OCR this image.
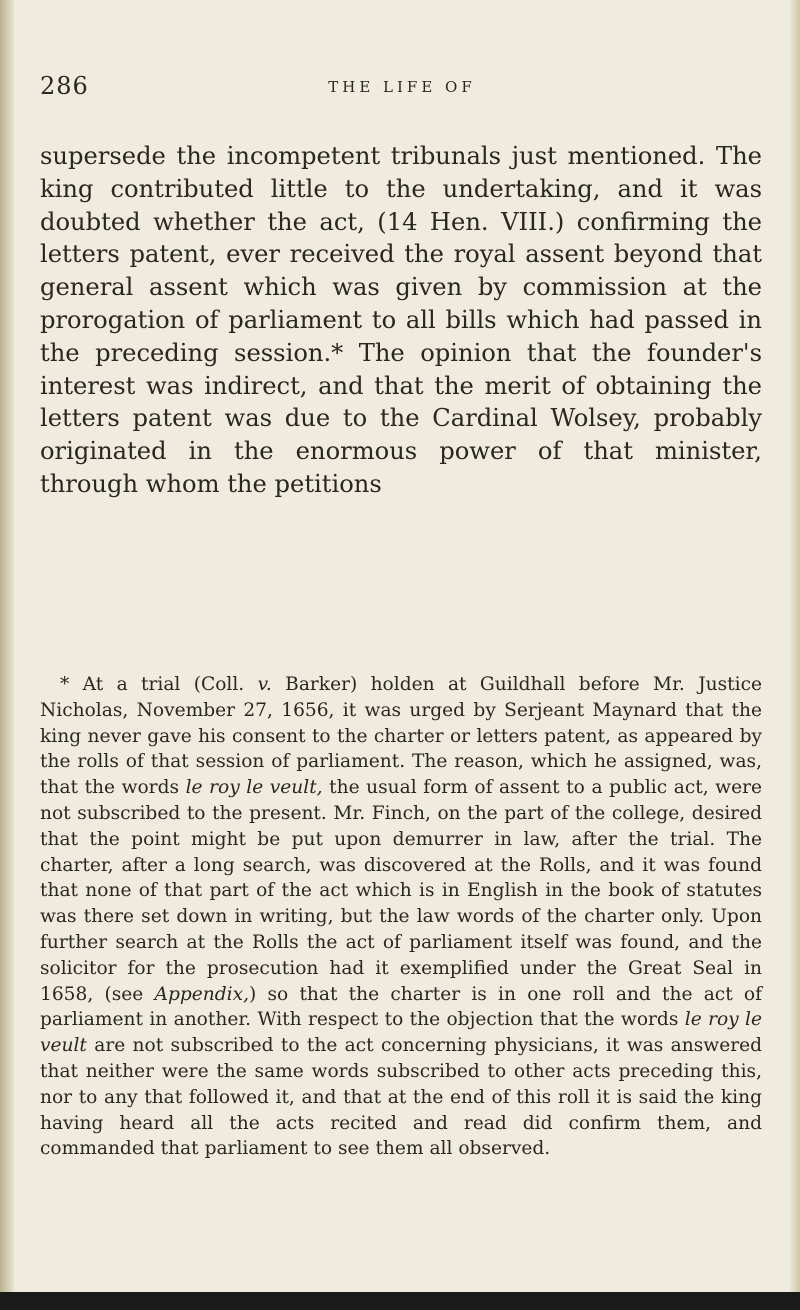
286	THE LIFE OF

supersede the incompetent tribunals just mentioned. The king contributed little to the undertaking, and it was doubted whether the act, (14 Hen. VIII.) confirming the letters patent, ever received the royal assent beyond that general assent which was given by commission at the prorogation of parliament to all bills which had passed in the preceding session.* The opinion that the founder's interest was indirect, and that the merit of obtaining the letters patent was due to the Cardinal Wolsey, probably originated in the enormous power of that minister, through whom the petitions

* At a trial (Coll. v. Barker) holden at Guildhall before Mr. Justice Nicholas, November 27, 1656, it was urged by Serjeant Maynard that the king never gave his consent to the charter or letters patent, as appeared by the rolls of that session of parliament. The reason, which he assigned, was, that the words le roy le veult, the usual form of assent to a public act, were not subscribed to the present. Mr. Finch, on the part of the college, desired that the point might be put upon demurrer in law, after the trial. The charter, after a long search, was discovered at the Rolls, and it was found that none of that part of the act which is in English in the book of statutes was there set down in writing, but the law words of the charter only. Upon further search at the Rolls the act of parliament itself was found, and the solicitor for the prosecution had it exemplified under the Great Seal in 1658, (see Appendix,) so that the charter is in one roll and the act of parliament in another. With respect to the objection that the words le roy le veult are not subscribed to the act concerning physicians, it was answered that neither were the same words subscribed to other acts preceding this, nor to any that followed it, and that at the end of this roll it is said the king having heard all the acts recited and read did confirm them, and commanded that parliament to see them all observed.
